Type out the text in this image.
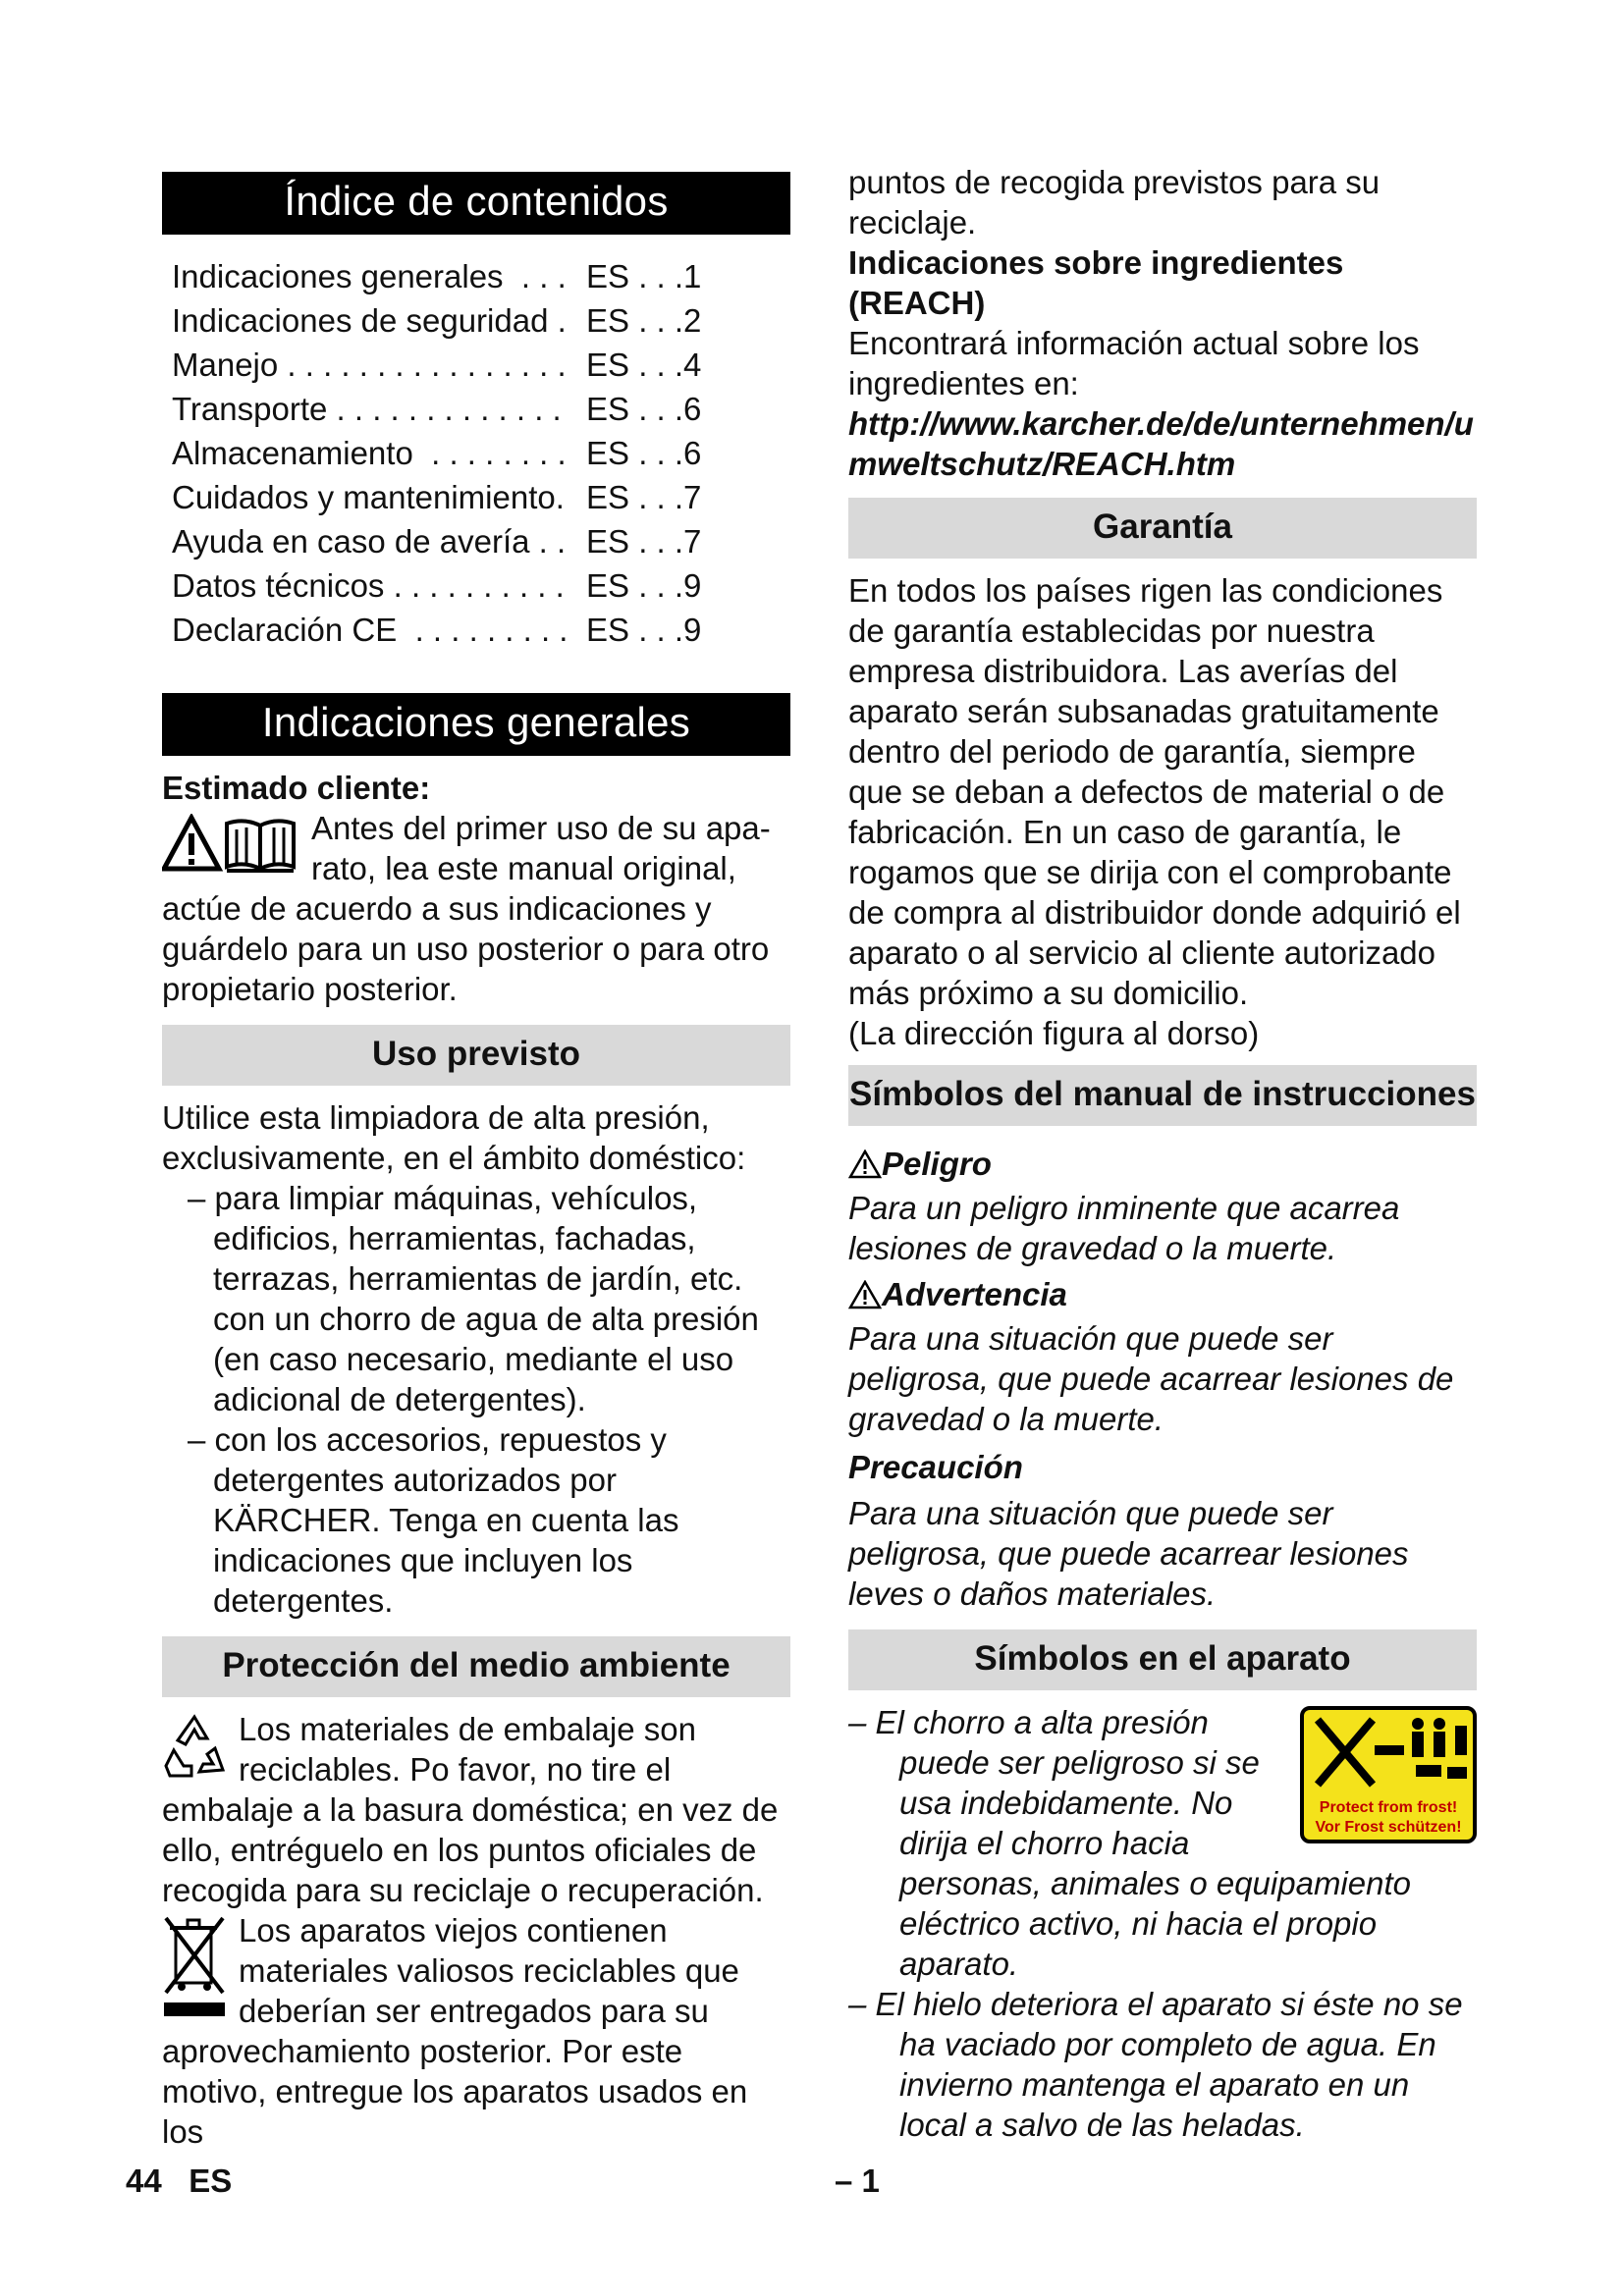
Índice de contenidos
Indicaciones generales  . . . ES . . .1
Indicaciones de seguridad . ES . . .2
Manejo . . . . . . . . . . . . . . . . ES . . .4
Transporte . . . . . . . . . . . . . ES . . .6
Almacenamiento  . . . . . . . . ES . . .6
Cuidados y mantenimiento. ES . . .7
Ayuda en caso de avería . . ES . . .7
Datos técnicos . . . . . . . . . . ES . . .9
Declaración CE  . . . . . . . . . ES . . .9
Indicaciones generales

Estimado cliente:

Antes del primer uso de su apa-

rato, lea este manual original,

actúe de acuerdo a sus indicaciones y guárdelo para un uso posterior o para otro propietario posterior.

Uso previsto

Utilice esta limpiadora de alta presión, exclusivamente, en el ámbito doméstico:

– para limpiar máquinas, vehículos, edificios, herramientas, fachadas, terrazas, herramientas de jardín, etc. con un chorro de agua de alta presión (en caso necesario, mediante el uso adicional de detergentes).

– con los accesorios, repuestos y detergentes autorizados por KÄRCHER. Tenga en cuenta las indicaciones que incluyen los detergentes.

Protección del medio ambiente

Los materiales de embalaje son reciclables. Po favor, no tire el embalaje a la basura doméstica; en vez de ello, entréguelo en los puntos oficiales de recogida para su reciclaje o recuperación.

Los aparatos viejos contienen materiales valiosos reciclables que deberían ser entregados para su aprovechamiento posterior. Por este motivo, entregue los aparatos usados en los

puntos de recogida previstos para su reciclaje.

Indicaciones sobre ingredientes (REACH)

Encontrará información actual sobre los ingredientes en:

http://www.karcher.de/de/unternehmen/umweltschutz/REACH.htm

Garantía

En todos los países rigen las condiciones de garantía establecidas por nuestra empresa distribuidora. Las averías del aparato serán subsanadas gratuitamente dentro del periodo de garantía, siempre que se deban a defectos de material o de fabricación. En un caso de garantía, le rogamos que se dirija con el comprobante de compra al distribuidor donde adquirió el aparato o al servicio al cliente autorizado más próximo a su domicilio.

(La dirección figura al dorso)

Símbolos del manual de instrucciones
Peligro

Para un peligro inminente que acarrea lesiones de gravedad o la muerte.

Advertencia

Para una situación que puede ser peligrosa, que puede acarrear lesiones de gravedad o la muerte.

Precaución

Para una situación que puede ser peligrosa, que puede acarrear lesiones leves o daños materiales.

Símbolos en el aparato
Protect from frost!
Vor Frost schützen!

– El chorro a alta presión puede ser peligroso si se usa indebidamente. No dirija el chorro hacia personas, animales o equipamiento eléctrico activo, ni hacia el propio aparato.

– El hielo deteriora el aparato si éste no se ha vaciado por completo de agua. En invierno mantenga el aparato en un local a salvo de las heladas.

44   ES	– 1
